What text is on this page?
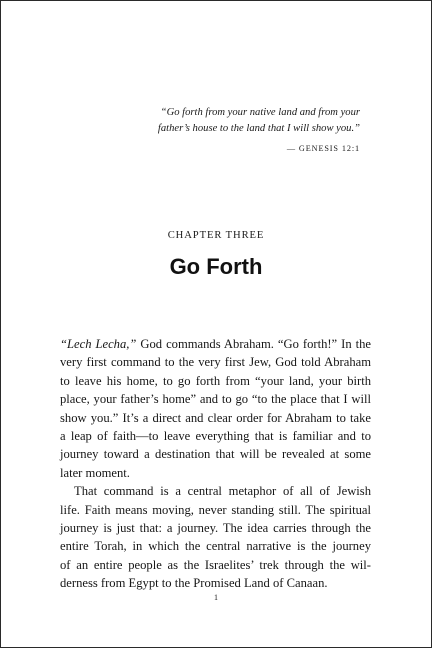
“Go forth from your native land and from your
father’s house to the land that I will show you.”

— GENESIS 12:1
CHAPTER THREE
Go Forth

“Lech Lecha,” God commands Abraham. “Go forth!” In the
very first command to the very first Jew, God told Abraham
to leave his home, to go forth from “your land, your birth
place, your father’s home” and to go “to the place that I will
show you.” It’s a direct and clear order for Abraham to take
a leap of faith—to leave everything that is familiar and to
journey toward a destination that will be revealed at some
later moment.

That command is a central metaphor of all of Jewish
life. Faith means moving, never standing still. The spiritual
journey is just that: a journey. The idea carries through the
entire Torah, in which the central narrative is the journey
of an entire people as the Israelites’ trek through the wil-
derness from Egypt to the Promised Land of Canaan.

1
